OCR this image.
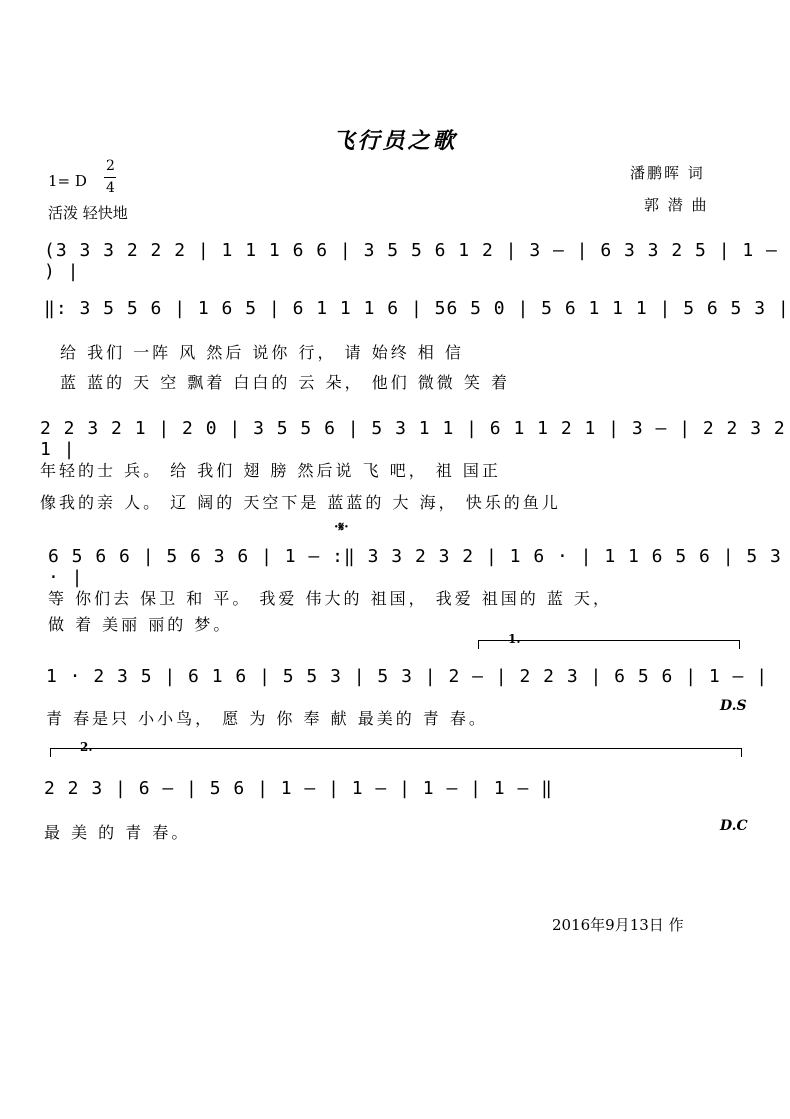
飞行员之歌
1= D
2
4
活泼 轻快地
潘鹏晖 词
郭 潜 曲
(3 3 3 2 2 2 | 1 1 1 6 6 | 3 5 5 6 1 2 | 3 — | 6 3 3 2 5 | 1 — ) |
‖: 3 5 5 6 | 1 6 5 | 6 1 1 1 6 | 56 5 0 | 5 6 1 1 1 | 5 6 5 3 |
给 我们 一阵 风 然后 说你 行， 请 始终 相 信
蓝 蓝的 天 空 飘着 白白的 云 朵， 他们 微微 笑 着
2 2 3 2 1 | 2 0 | 3 5 5 6 | 5 3 1 1 | 6 1 1 2 1 | 3 — | 2 2 3 2 1 |
年轻的士 兵。 给 我们 翅 膀 然后说 飞 吧， 祖 国正
像我的亲 人。 辽 阔的 天空下是 蓝蓝的 大 海， 快乐的鱼儿
·𝄋·
6 5 6 6 | 5 6 3 6 | 1 — :‖ 3 3 2 3 2 | 1 6 · | 1 1 6 5 6 | 5 3 · |
等 你们去 保卫 和 平。 我爱 伟大的 祖国， 我爱 祖国的 蓝 天，
做 着 美丽 丽的 梦。
1.
1 · 2 3 5 | 6 1 6 | 5 5 3 | 5 3 | 2 — | 2 2 3 | 6 5 6 | 1 — |
青 春是只 小小鸟， 愿 为 你 奉 献 最美的 青 春。
D.S
2.
2 2 3 | 6 — | 5 6 | 1 — | 1 — | 1 — | 1 — ‖
最 美 的 青 春。	D.C
2016年9月13日 作
